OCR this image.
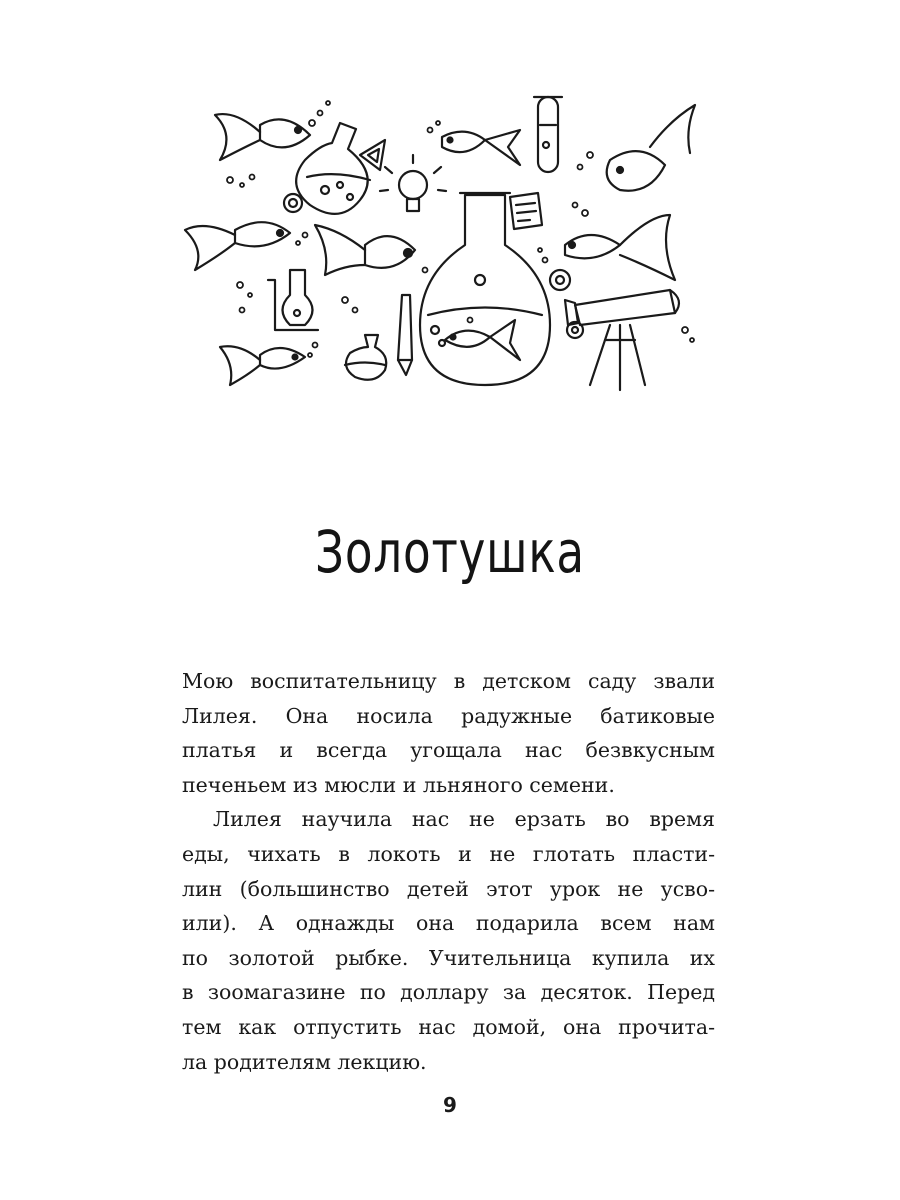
Золотушка

Мою воспитательницу в детском саду звали

Лилея. Она носила радужные батиковые

платья и всегда угощала нас безвкусным

печеньем из мюсли и льняного семени.

Лилея научила нас не ерзать во время

еды, чихать в локоть и не глотать пласти-

лин (большинство детей этот урок не усво-

или). А однажды она подарила всем нам

по золотой рыбке. Учительница купила их

в зоомагазине по доллару за десяток. Перед

тем как отпустить нас домой, она прочита-

ла родителям лекцию.

9
